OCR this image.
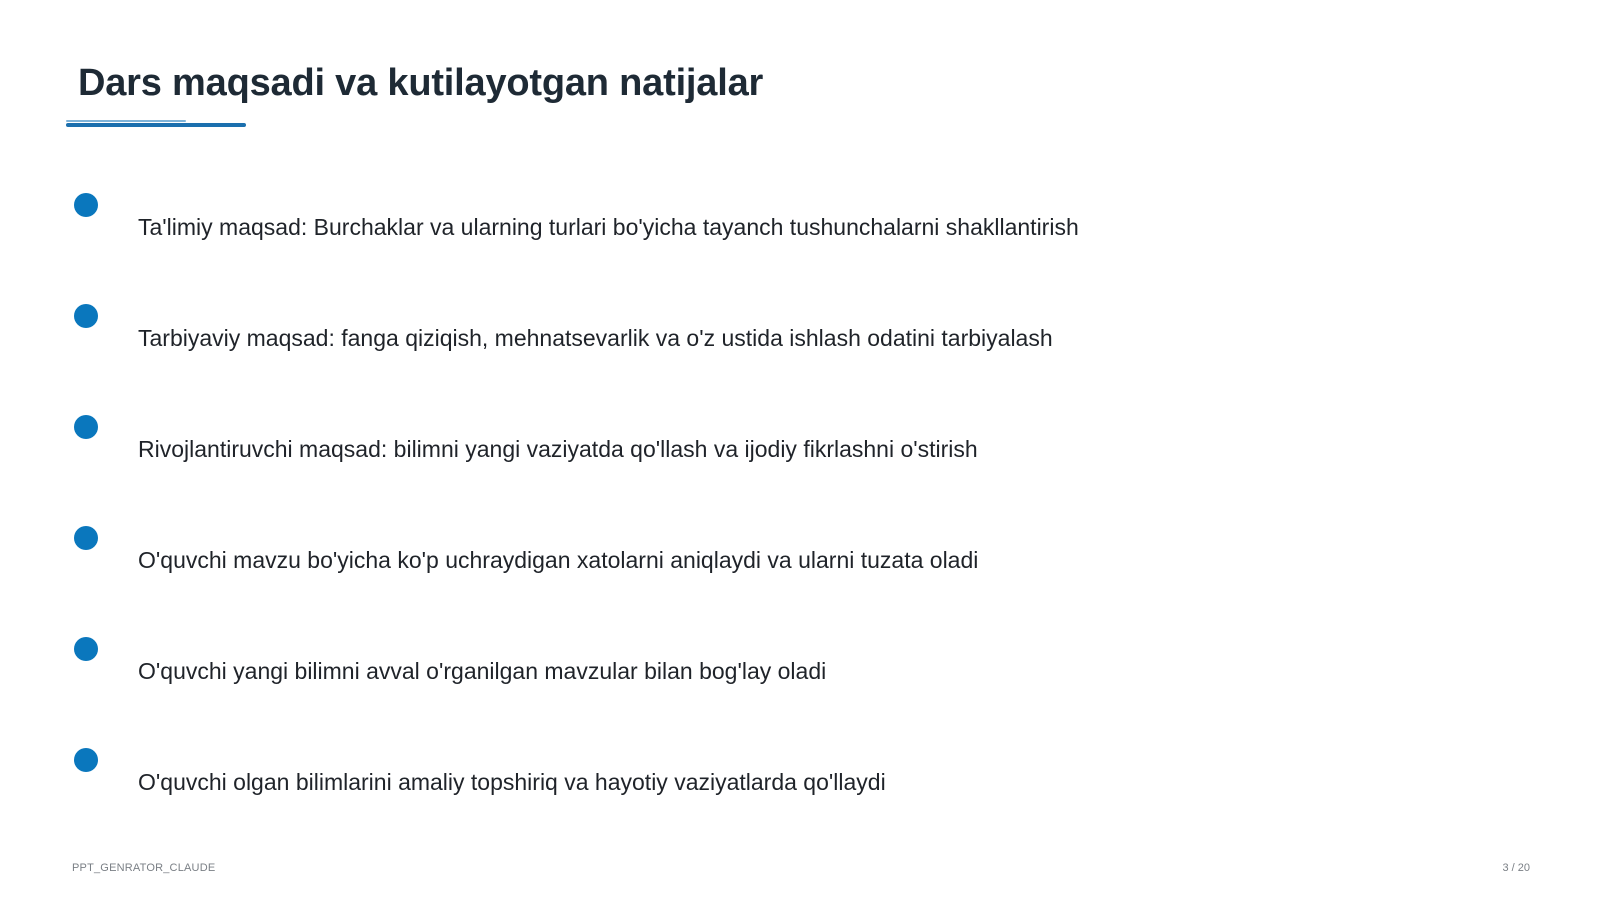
Dars maqsadi va kutilayotgan natijalar
Ta'limiy maqsad: Burchaklar va ularning turlari bo'yicha tayanch tushunchalarni shakllantirish
Tarbiyaviy maqsad: fanga qiziqish, mehnatsevarlik va o'z ustida ishlash odatini tarbiyalash
Rivojlantiruvchi maqsad: bilimni yangi vaziyatda qo'llash va ijodiy fikrlashni o'stirish
O'quvchi mavzu bo'yicha ko'p uchraydigan xatolarni aniqlaydi va ularni tuzata oladi
O'quvchi yangi bilimni avval o'rganilgan mavzular bilan bog'lay oladi
O'quvchi olgan bilimlarini amaliy topshiriq va hayotiy vaziyatlarda qo'llaydi
PPT_GENRATOR_CLAUDE	3 / 20
